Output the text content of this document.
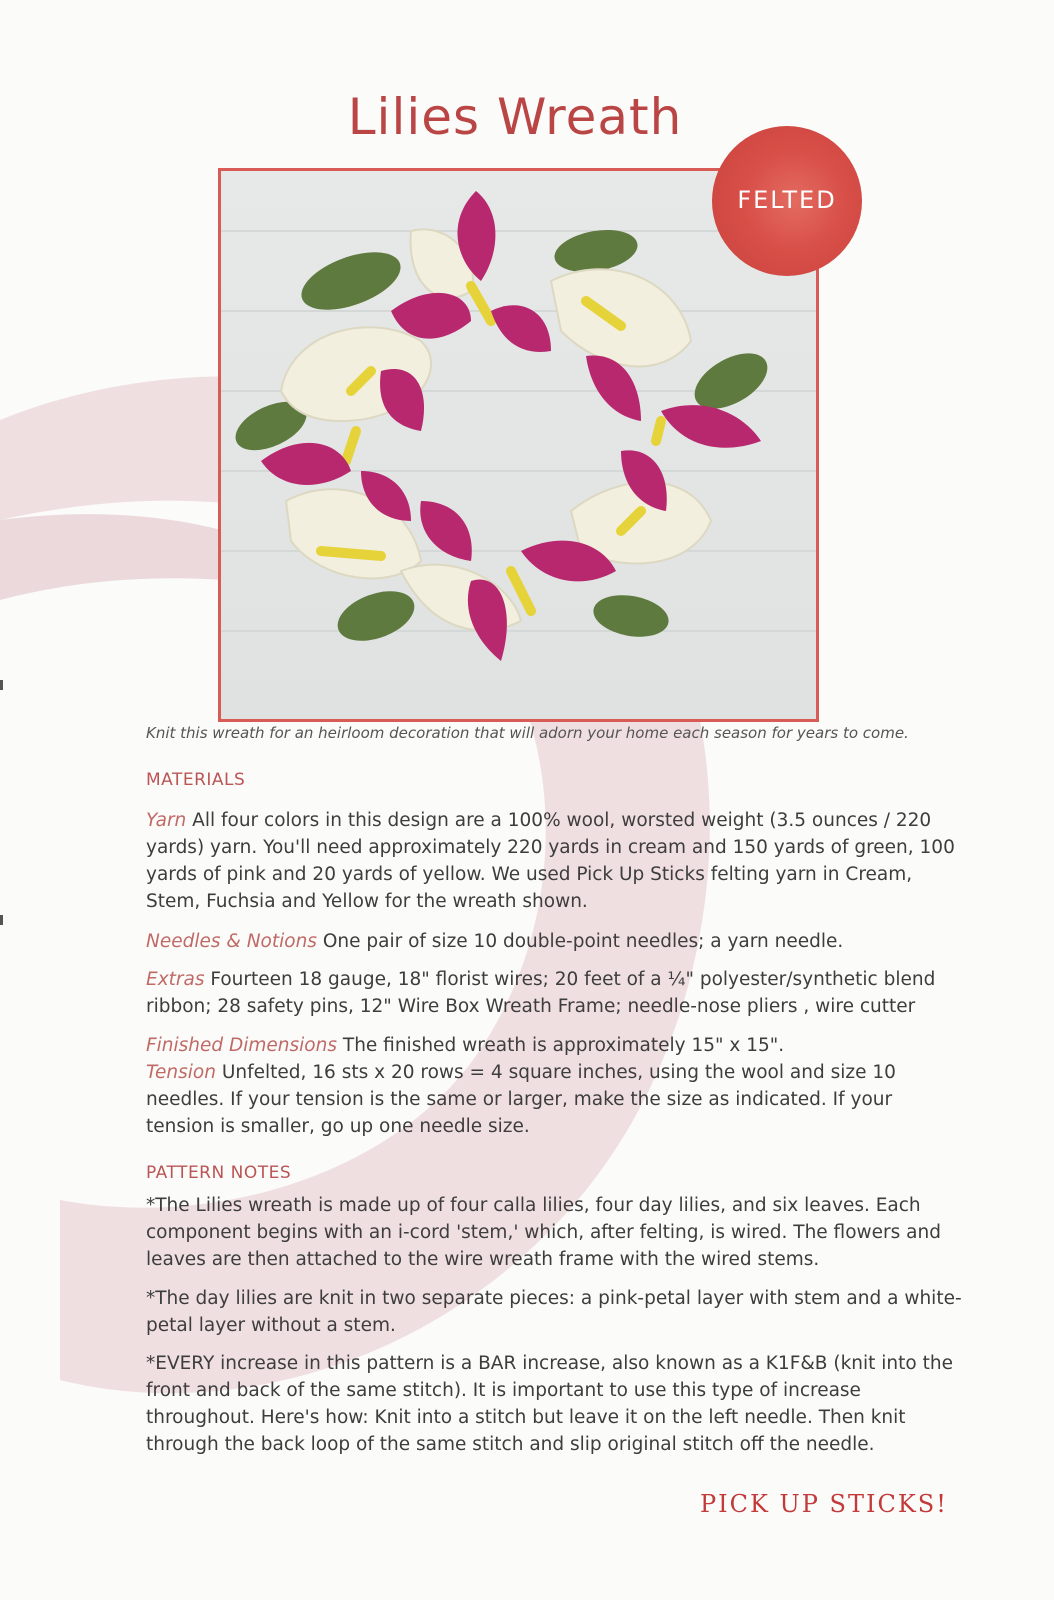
Lilies Wreath
FELTED
Knit this wreath for an heirloom decoration that will adorn your home each season for years to come.
MATERIALS
Yarn All four colors in this design are a 100% wool, worsted weight (3.5 ounces / 220 yards) yarn. You'll need approximately 220 yards in cream and 150 yards of green, 100 yards of pink and 20 yards of yellow. We used Pick Up Sticks felting yarn in Cream, Stem, Fuchsia and Yellow for the wreath shown.
Needles & Notions One pair of size 10 double-point needles; a yarn needle.
Extras Fourteen 18 gauge, 18" florist wires; 20 feet of a ¼" polyester/synthetic blend ribbon; 28 safety pins, 12" Wire Box Wreath Frame; needle-nose pliers , wire cutter
Finished Dimensions The finished wreath is approximately 15" x 15".
Tension Unfelted, 16 sts x 20 rows = 4 square inches, using the wool and size 10 needles. If your tension is the same or larger, make the size as indicated. If your tension is smaller, go up one needle size.
PATTERN NOTES
*The Lilies wreath is made up of four calla lilies, four day lilies, and six leaves. Each component begins with an i-cord 'stem,' which, after felting, is wired. The flowers and leaves are then attached to the wire wreath frame with the wired stems.
*The day lilies are knit in two separate pieces: a pink-petal layer with stem and a white-petal layer without a stem.
*EVERY increase in this pattern is a BAR increase, also known as a K1F&B (knit into the front and back of the same stitch). It is important to use this type of increase throughout. Here's how: Knit into a stitch but leave it on the left needle. Then knit through the back loop of the same stitch and slip original stitch off the needle.
PICK UP STICKS!
